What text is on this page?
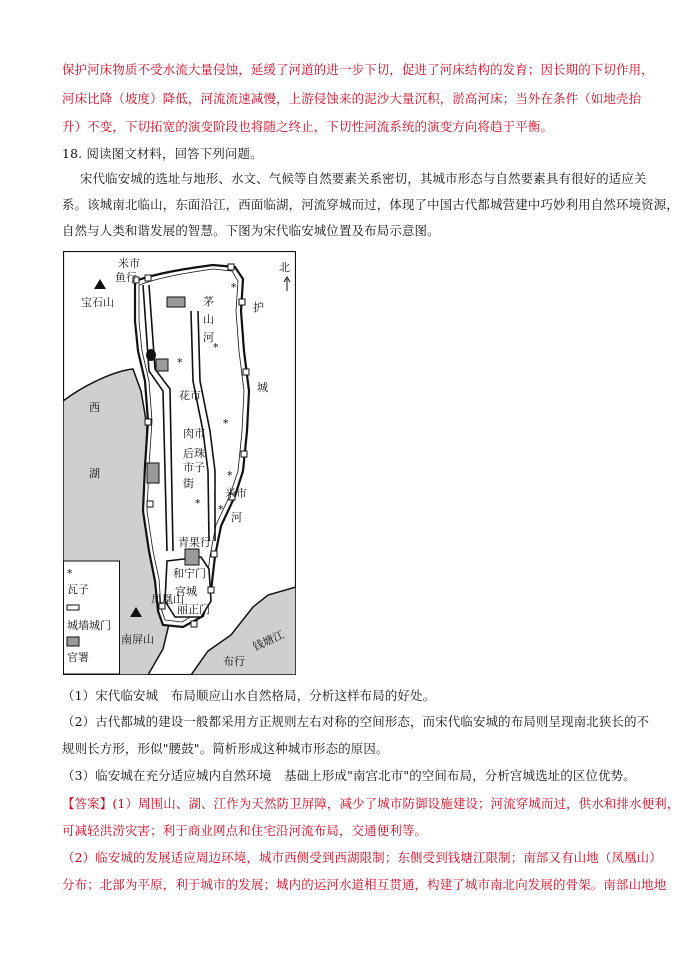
保护河床物质不受水流大量侵蚀，延缓了河道的进一步下切，促进了河床结构的发育；因长期的下切作用，
河床比降（坡度）降低，河流流速减慢，上游侵蚀来的泥沙大量沉积，淤高河床；当外在条件（如地壳抬
升）不变，下切拓宽的演变阶段也将随之终止，下切性河流系统的演变方向将趋于平衡。
18. 阅读图文材料，回答下列问题。
宋代临安城的选址与地形、水文、气候等自然要素关系密切，其城市形态与自然要素具有很好的适应关
系。该城南北临山，东面沿江，西面临湖，河流穿城而过，体现了中国古代都城营建中巧妙利用自然环境资源，
自然与人类和谐发展的智慧。下图为宋代临安城位置及布局示意图。
*
*
*
*
*
*
*
北
米市
鱼行
宝石山	茅
山
河
护
城
河
西
湖
花市
肉市
后珠
市子
街
米市
青果行
和宁门
宫城
丽正门
凤凰山
南屏山
布行
钱塘江
*
瓦子
城墙城门
官署
（1）宋代临安城　布局顺应山水自然格局，分析这样布局的好处。
（2）古代都城的建设一般都采用方正规则左右对称的空间形态，而宋代临安城的布局则呈现南北狭长的不
规则长方形，形似"腰鼓"。简析形成这种城市形态的原因。
（3）临安城在充分适应城内自然环境　基础上形成"南宫北市"的空间布局，分析宫城选址的区位优势。
【答案】(1）周围山、湖、江作为天然防卫屏障，减少了城市防御设施建设；河流穿城而过，供水和排水便利，
可减轻洪涝灾害；利于商业网点和住宅沿河流布局，交通便利等。
（2）临安城的发展适应周边环境，城市西侧受到西湖限制；东侧受到钱塘江限制；南部又有山地（凤凰山）
分布；北部为平原，利于城市的发展；城内的运河水道相互贯通，构建了城市南北向发展的骨架。南部山地地
